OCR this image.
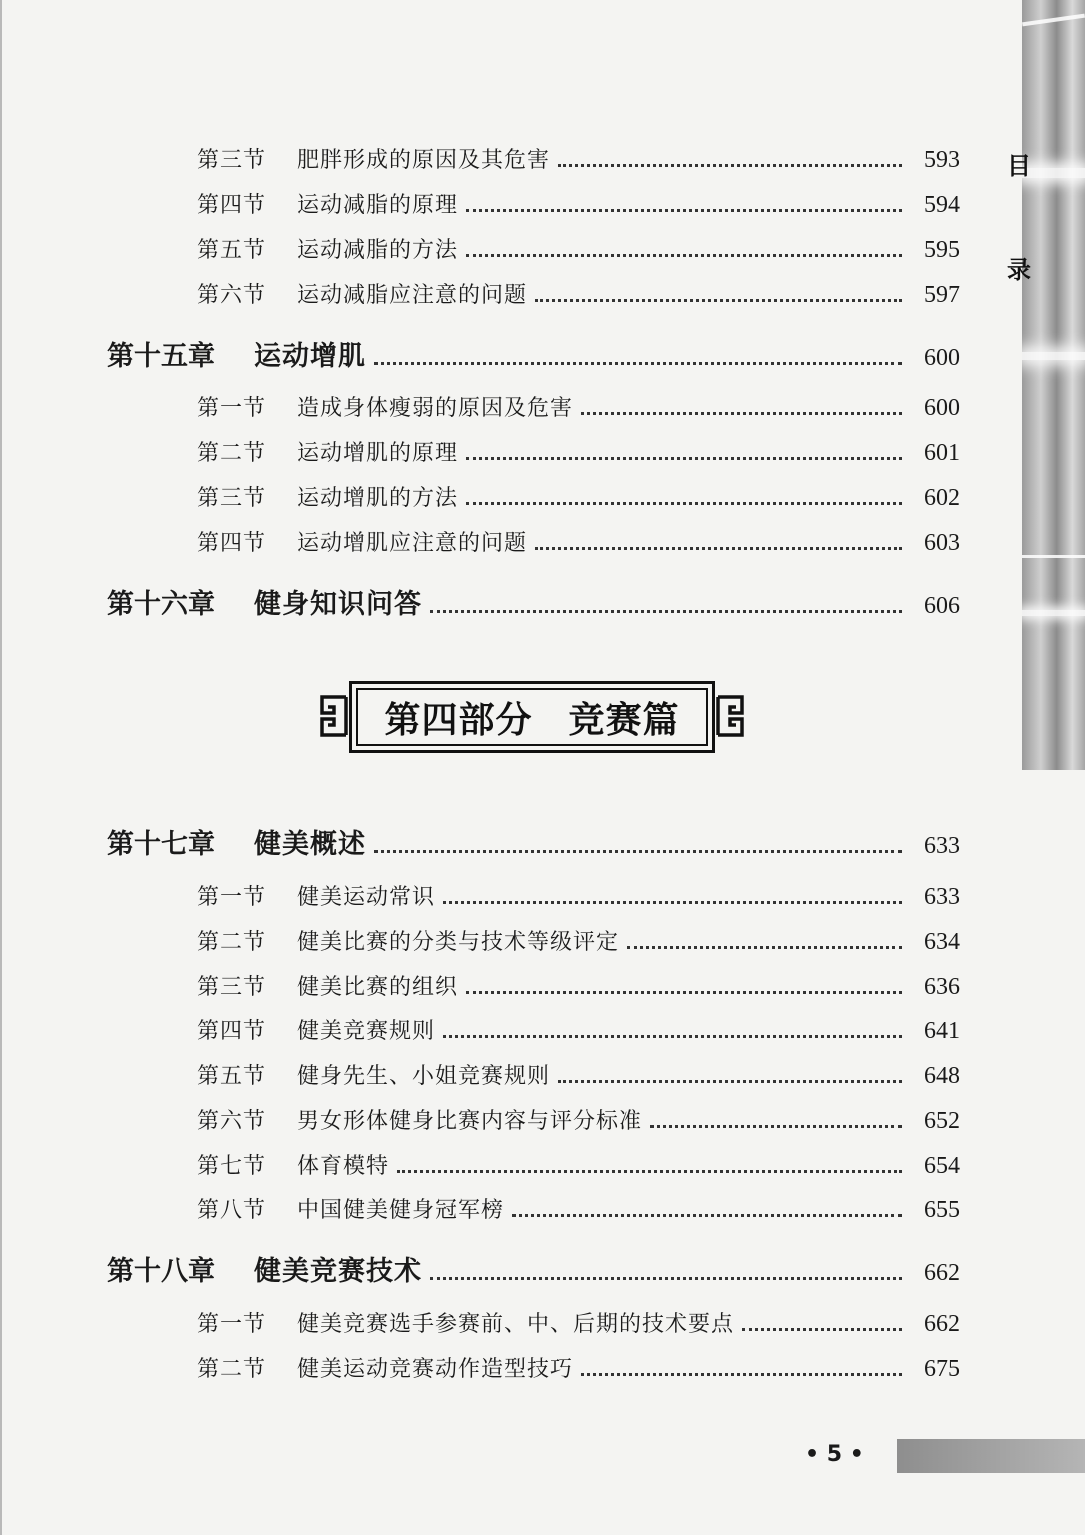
目
录
第三节	肥胖形成的原因及其危害	593
第四节	运动减脂的原理	594
第五节	运动减脂的方法	595
第六节	运动减脂应注意的问题	597
第十五章	运动增肌	600
第一节	造成身体瘦弱的原因及危害	600
第二节	运动增肌的原理	601
第三节	运动增肌的方法	602
第四节	运动增肌应注意的问题	603
第十六章	健身知识问答	606
第四部分 竞赛篇
第十七章	健美概述	633
第一节	健美运动常识	633
第二节	健美比赛的分类与技术等级评定	634
第三节	健美比赛的组织	636
第四节	健美竞赛规则	641
第五节	健身先生、小姐竞赛规则	648
第六节	男女形体健身比赛内容与评分标准	652
第七节	体育模特	654
第八节	中国健美健身冠军榜	655
第十八章	健美竞赛技术	662
第一节	健美竞赛选手参赛前、中、后期的技术要点	662
第二节	健美运动竞赛动作造型技巧	675
• 5 •
